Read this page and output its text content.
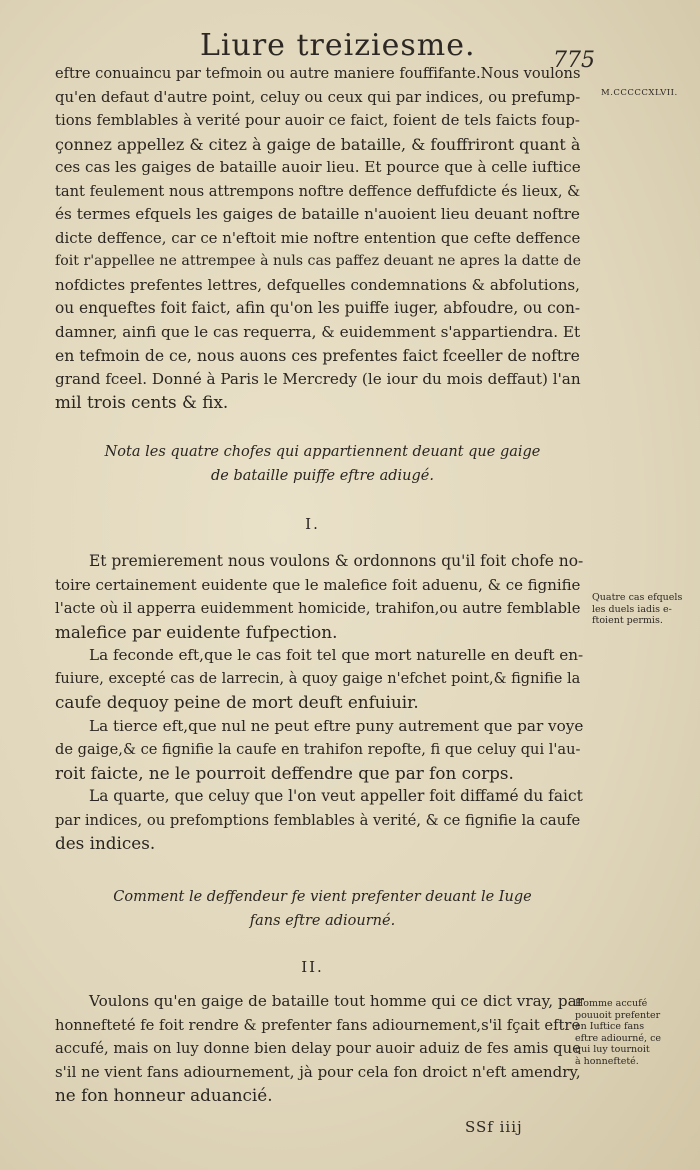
Liure treiziesme.	775
M.CCCCCXLVII.
eftre conuaincu par tefmoin ou autre maniere fouffifante.Nous voulons
qu'en defaut d'autre point, celuy ou ceux qui par indices, ou prefump-
tions femblables à verité pour auoir ce faict, foient de tels faicts foup-
çonnez appellez & citez à gaige de bataille, & fouffriront quant à
ces cas les gaiges de bataille auoir lieu. Et pource que à celle iuftice
tant feulement nous attrempons noftre deffence deffufdicte és lieux, &
és termes efquels les gaiges de bataille n'auoient lieu deuant noftre
dicte deffence, car ce n'eftoit mie noftre entention que cefte deffence
foit r'appellee ne attrempee à nuls cas paffez deuant ne apres la datte de
nofdictes prefentes lettres, defquelles condemnations & abfolutions,
ou enqueftes foit faict, afin qu'on les puiffe iuger, abfoudre, ou con-
damner, ainfi que le cas requerra, & euidemment s'appartiendra. Et
en tefmoin de ce, nous auons ces prefentes faict fceeller de noftre
grand fceel. Donné à Paris le Mercredy (le iour du mois deffaut) l'an
mil trois cents & fix.
Nota les quatre chofes qui appartiennent deuant que gaige de bataille puiffe eftre adiugé.
I.
Et premierement nous voulons & ordonnons qu'il foit chofe no-
toire certainement euidente que le malefice foit aduenu, & ce fignifie
l'acte où il apperra euidemment homicide, trahifon,ou autre femblable
malefice par euidente fufpection.
La feconde eft,que le cas foit tel que mort naturelle en deuft en-
fuiure, excepté cas de larrecin, à quoy gaige n'efchet point,& fignifie la
caufe dequoy peine de mort deuft enfuiuir.
La tierce eft,que nul ne peut eftre puny autrement que par voye
de gaige,& ce fignifie la caufe en trahifon repofte, fi que celuy qui l'au-
roit faicte, ne le pourroit deffendre que par fon corps.
La quarte, que celuy que l'on veut appeller foit diffamé du faict
par indices, ou prefomptions femblables à verité, & ce fignifie la caufe
des indices.
Quatre cas efquels
les duels iadis e-
ftoient permis.
Comment le deffendeur fe vient prefenter deuant le Iuge fans eftre adiourné.
II.
Voulons qu'en gaige de bataille tout homme qui ce dict vray, par
honnefteté fe foit rendre & prefenter fans adiournement,s'il fçait eftre
accufé, mais on luy donne bien delay pour auoir aduiz de fes amis que
s'il ne vient fans adiournement, jà pour cela fon droict n'eft amendry,
ne fon honneur aduancié.
Homme accufé
pouuoit prefenter
en Iuftice fans
eftre adiourné, ce
qui luy tournoit
à honnefteté.
SSf iiij
